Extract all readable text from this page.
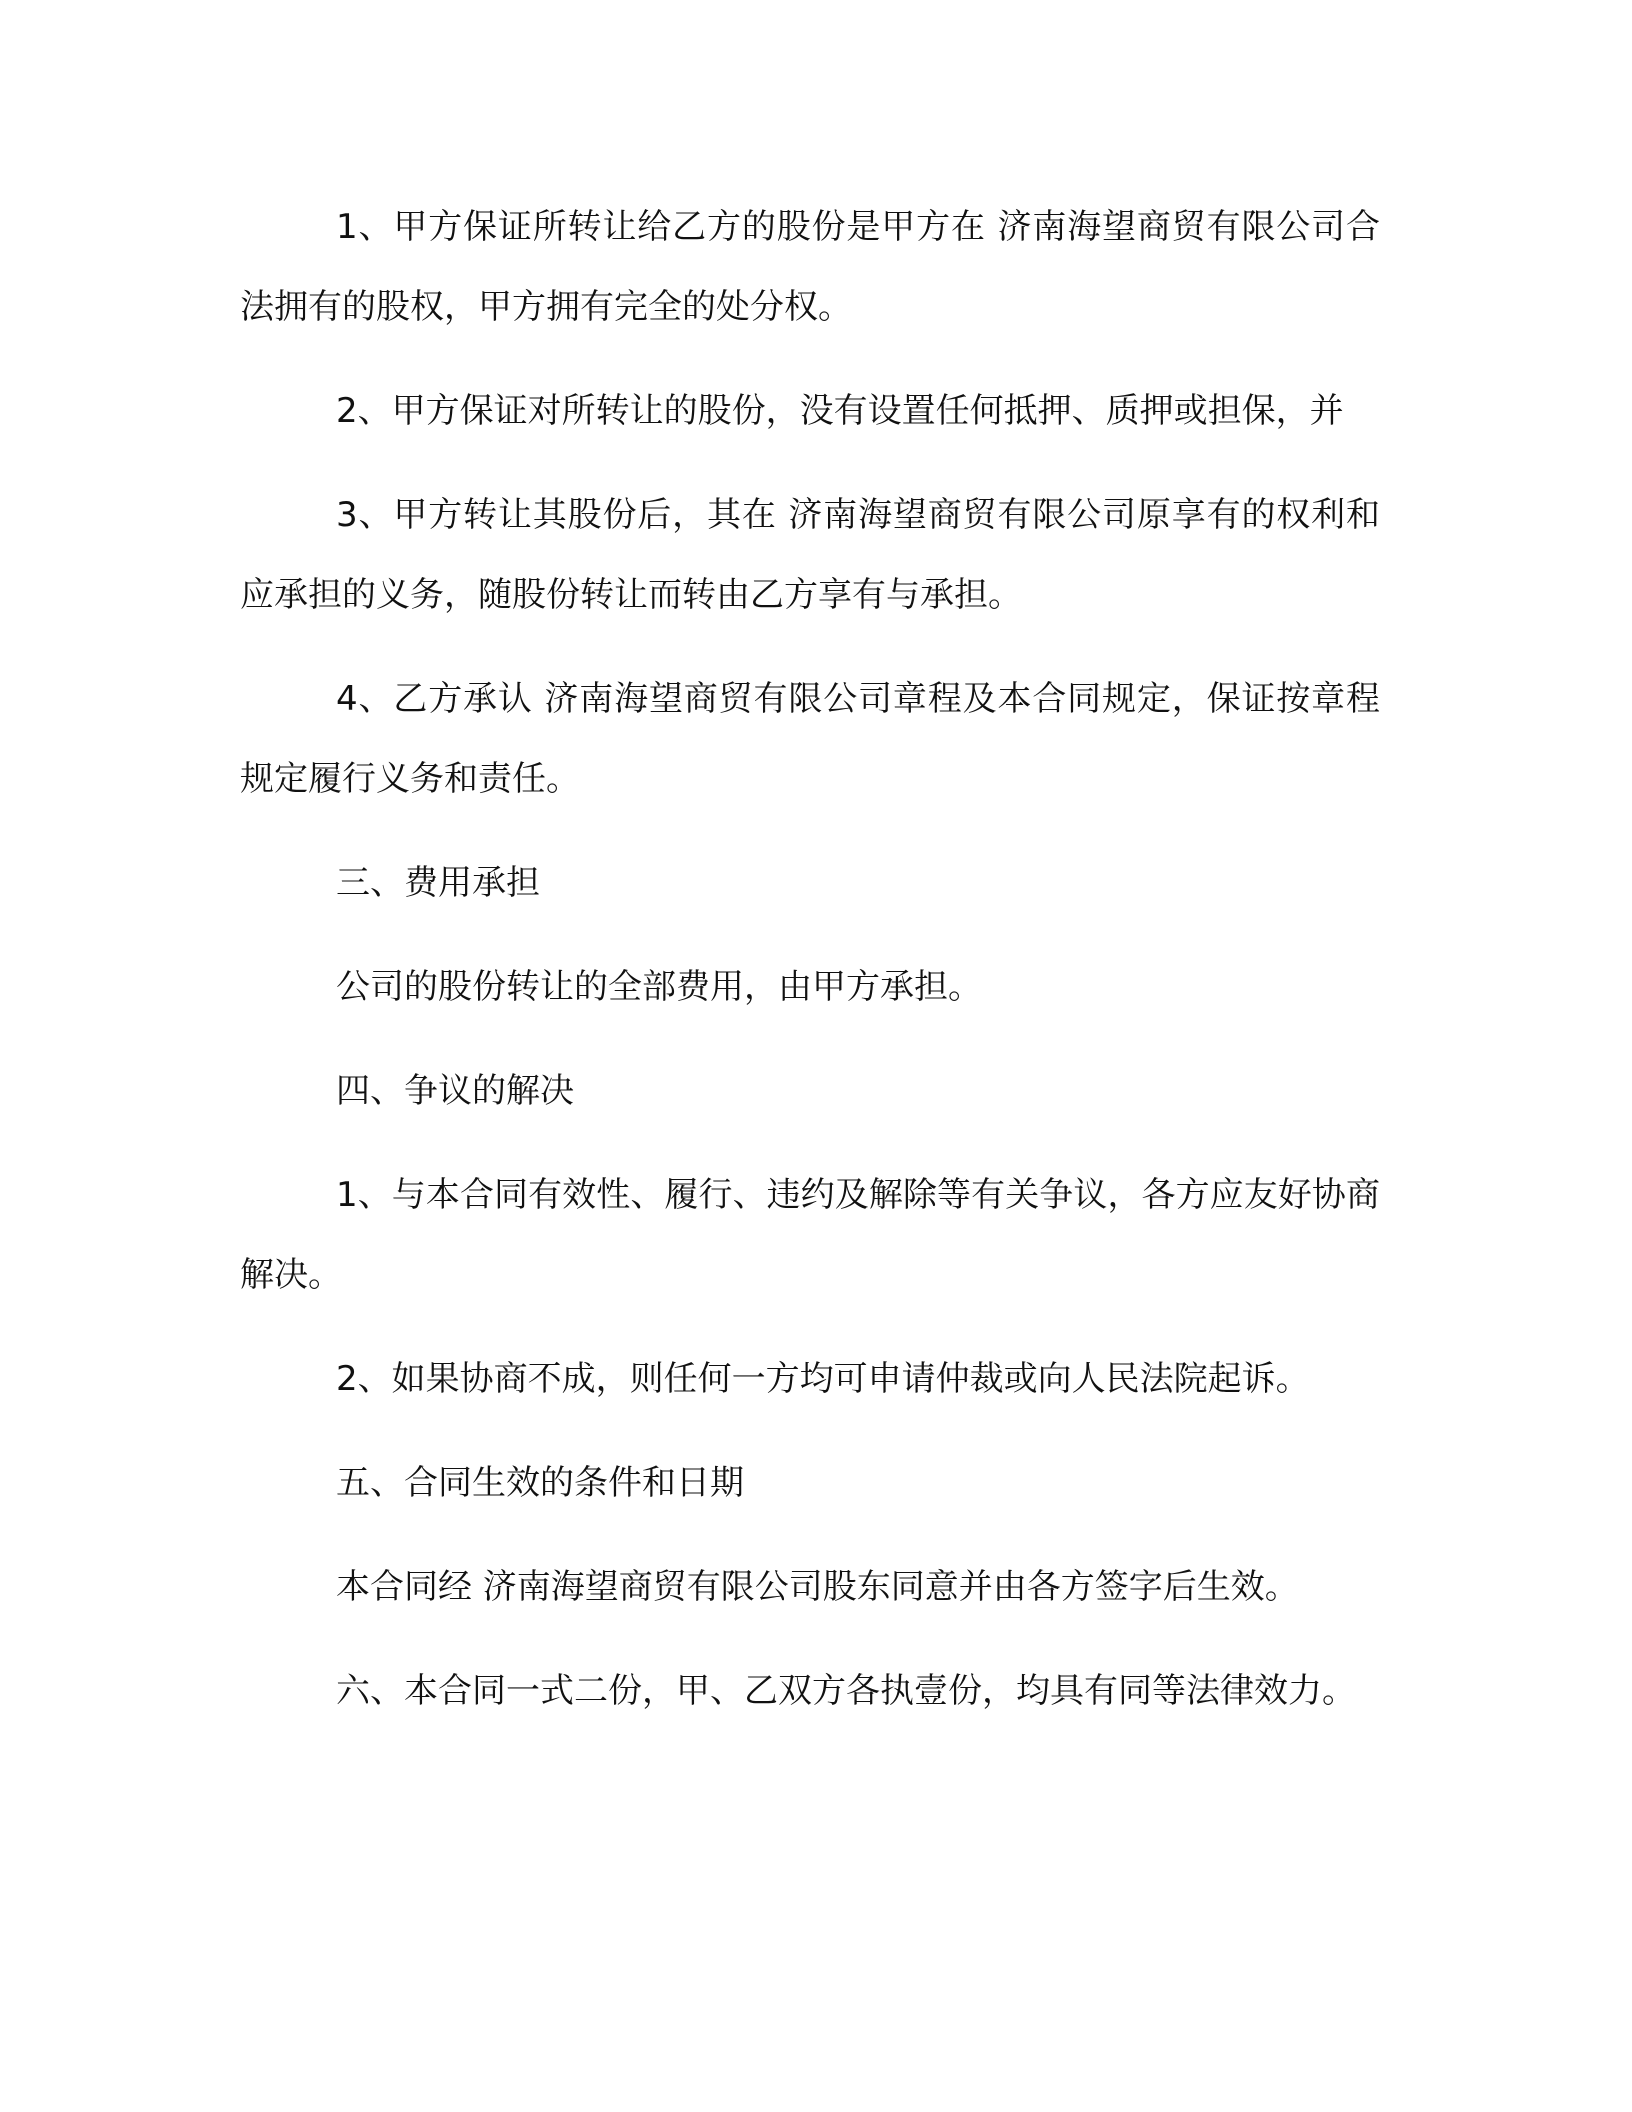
1、甲方保证所转让给乙方的股份是甲方在 济南海望商贸有限公司合法拥有的股权，甲方拥有完全的处分权。

2、甲方保证对所转让的股份，没有设置任何抵押、质押或担保，并

3、甲方转让其股份后，其在 济南海望商贸有限公司原享有的权利和应承担的义务，随股份转让而转由乙方享有与承担。

4、乙方承认 济南海望商贸有限公司章程及本合同规定，保证按章程规定履行义务和责任。

三、费用承担

公司的股份转让的全部费用，由甲方承担。

四、争议的解决

1、与本合同有效性、履行、违约及解除等有关争议，各方应友好协商解决。

2、如果协商不成，则任何一方均可申请仲裁或向人民法院起诉。

五、合同生效的条件和日期

本合同经 济南海望商贸有限公司股东同意并由各方签字后生效。

六、本合同一式二份，甲、乙双方各执壹份，均具有同等法律效力。
